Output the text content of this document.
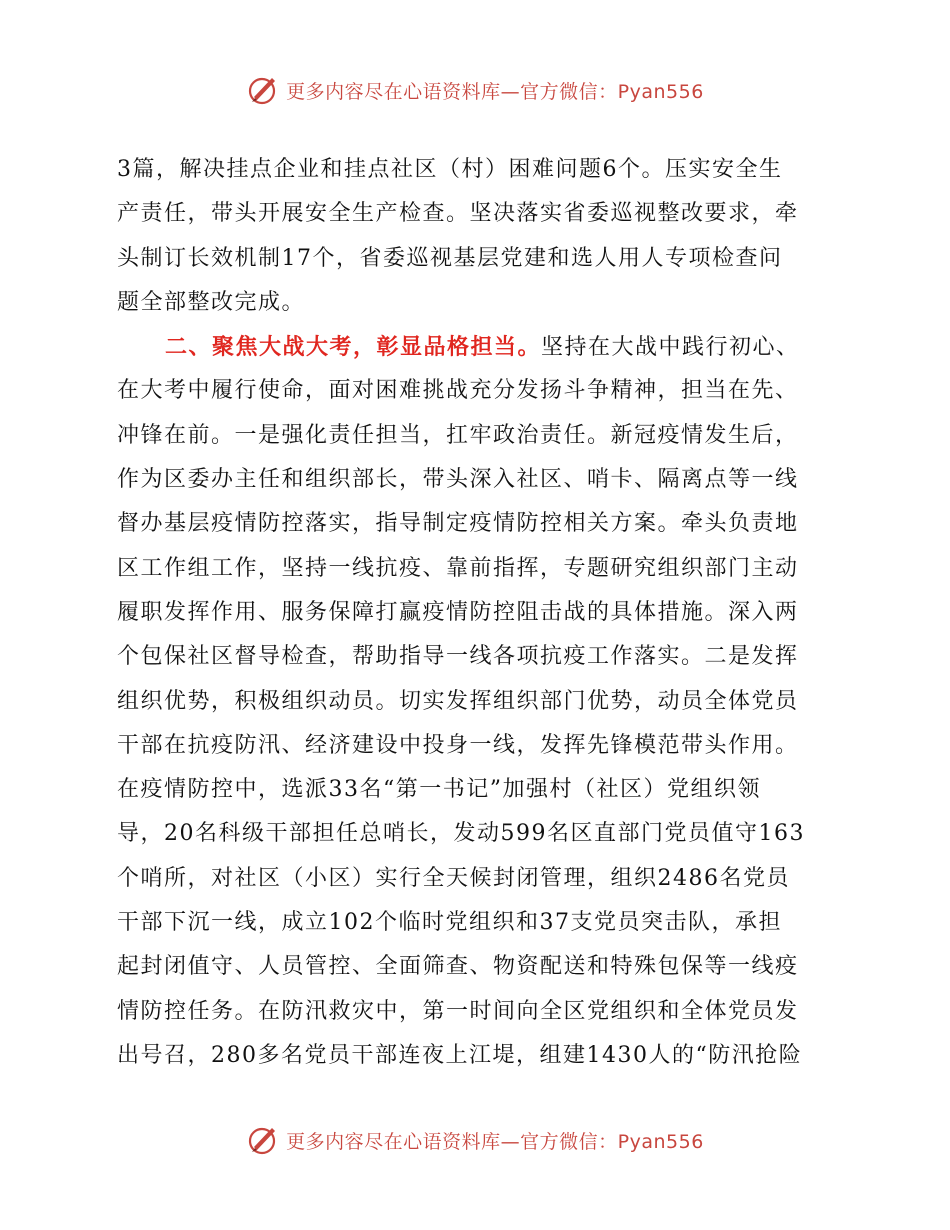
更多内容尽在心语资料库—官方微信：Pyan556
3篇，解决挂点企业和挂点社区（村）困难问题6个。压实安全生
产责任，带头开展安全生产检查。坚决落实省委巡视整改要求，牵
头制订长效机制17个，省委巡视基层党建和选人用人专项检查问
题全部整改完成。
二、聚焦大战大考，彰显品格担当。坚持在大战中践行初心、
在大考中履行使命，面对困难挑战充分发扬斗争精神，担当在先、
冲锋在前。一是强化责任担当，扛牢政治责任。新冠疫情发生后，
作为区委办主任和组织部长，带头深入社区、哨卡、隔离点等一线
督办基层疫情防控落实，指导制定疫情防控相关方案。牵头负责地
区工作组工作，坚持一线抗疫、靠前指挥，专题研究组织部门主动
履职发挥作用、服务保障打赢疫情防控阻击战的具体措施。深入两
个包保社区督导检查，帮助指导一线各项抗疫工作落实。二是发挥
组织优势，积极组织动员。切实发挥组织部门优势，动员全体党员
干部在抗疫防汛、经济建设中投身一线，发挥先锋模范带头作用。
在疫情防控中，选派33名“第一书记”加强村（社区）党组织领
导，20名科级干部担任总哨长，发动599名区直部门党员值守163
个哨所，对社区（小区）实行全天候封闭管理，组织2486名党员
干部下沉一线，成立102个临时党组织和37支党员突击队，承担
起封闭值守、人员管控、全面筛查、物资配送和特殊包保等一线疫
情防控任务。在防汛救灾中，第一时间向全区党组织和全体党员发
出号召，280多名党员干部连夜上江堤，组建1430人的“防汛抢险
更多内容尽在心语资料库—官方微信：Pyan556
